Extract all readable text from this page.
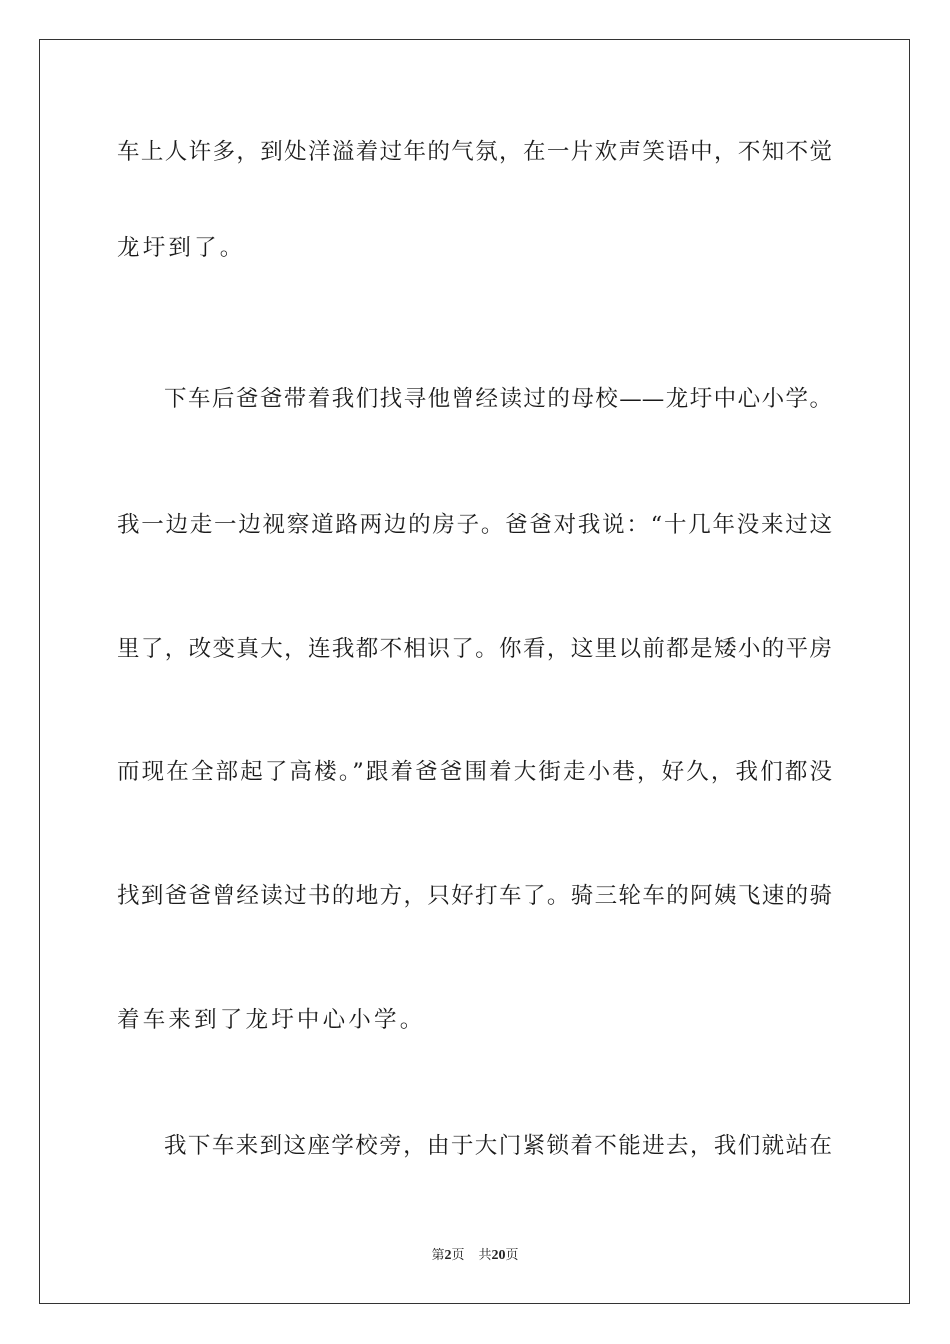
车上人许多，到处洋溢着过年的气氛，在一片欢声笑语中，不知不觉
龙圩到了。
下车后爸爸带着我们找寻他曾经读过的母校——龙圩中心小学。
我一边走一边视察道路两边的房子。爸爸对我说：“十几年没来过这
里了，改变真大，连我都不相识了。你看，这里以前都是矮小的平房
而现在全部起了高楼。”跟着爸爸围着大街走小巷，好久，我们都没
找到爸爸曾经读过书的地方，只好打车了。骑三轮车的阿姨飞速的骑
着车来到了龙圩中心小学。
我下车来到这座学校旁，由于大门紧锁着不能进去，我们就站在
第2页 共20页
